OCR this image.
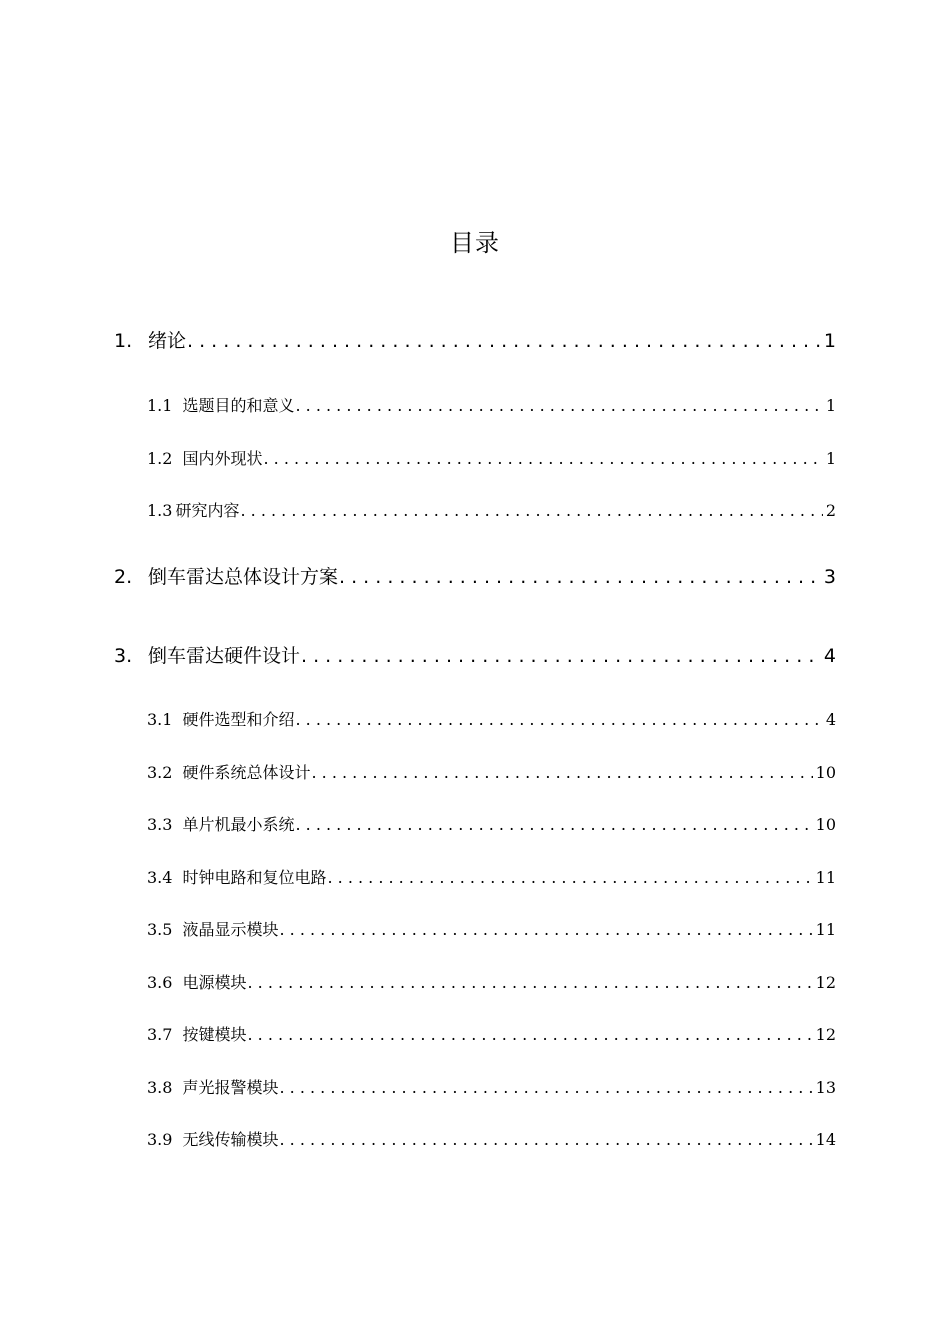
目录
1. 绪论 . . .	1
1.1 选题目的和意义 . . .	1
1.2 国内外现状 . . .	1
1.3 研究内容 . . .	2
2. 倒车雷达总体设计方案 . . .	3
3. 倒车雷达硬件设计 . . .	4
3.1 硬件选型和介绍 . . .	4
3.2 硬件系统总体设计 . . .	10
3.3 单片机最小系统 . . .	10
3.4 时钟电路和复位电路 . . .	11
3.5 液晶显示模块 . . .	11
3.6 电源模块 . . .	12
3.7 按键模块 . . .	12
3.8 声光报警模块 . . .	13
3.9 无线传输模块 . . .	14
